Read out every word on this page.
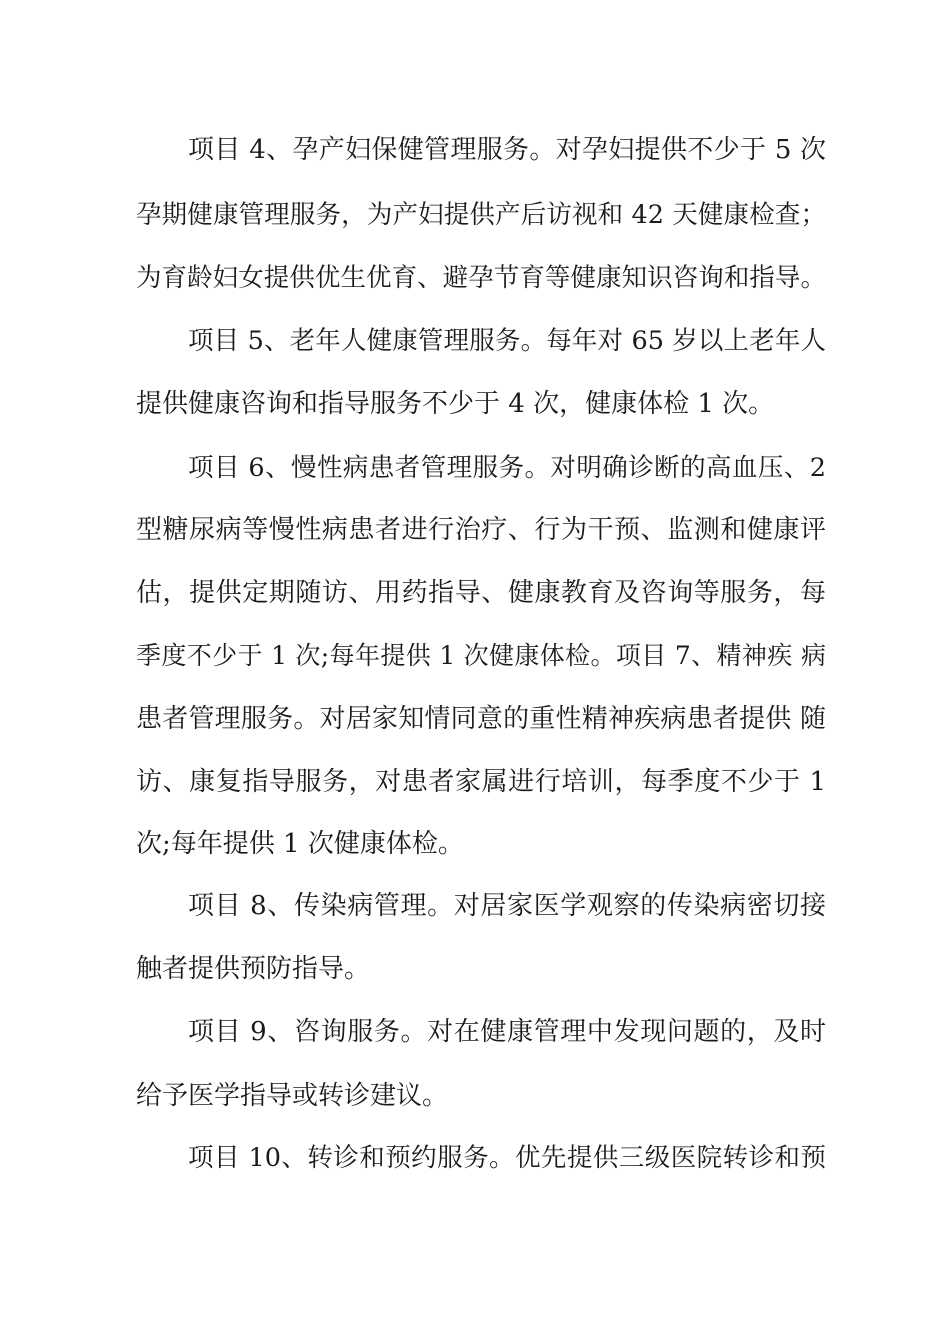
项目 4、孕产妇保健管理服务。对孕妇提供不少于 5 次
孕期健康管理服务，为产妇提供产后访视和 42 天健康检查；
为育龄妇女提供优生优育、避孕节育等健康知识咨询和指导。
项目 5、老年人健康管理服务。每年对 65 岁以上老年人
提供健康咨询和指导服务不少于 4 次，健康体检 1 次。
项目 6、慢性病患者管理服务。对明确诊断的高血压、2
型糖尿病等慢性病患者进行治疗、行为干预、监测和健康评
估，提供定期随访、用药指导、健康教育及咨询等服务，每
季度不少于 1 次;每年提供 1 次健康体检。项目 7、精神疾 病
患者管理服务。对居家知情同意的重性精神疾病患者提供 随
访、康复指导服务，对患者家属进行培训，每季度不少于 1
次;每年提供 1 次健康体检。
项目 8、传染病管理。对居家医学观察的传染病密切接
触者提供预防指导。
项目 9、咨询服务。对在健康管理中发现问题的，及时
给予医学指导或转诊建议。
项目 10、转诊和预约服务。优先提供三级医院转诊和预
